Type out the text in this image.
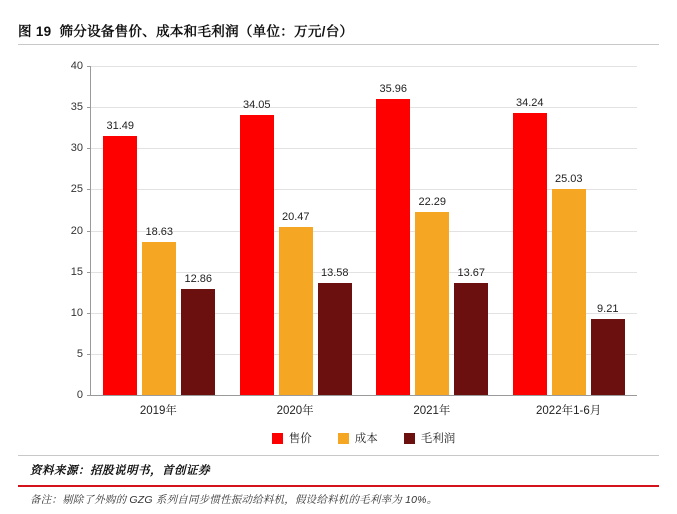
图 19 筛分设备售价、成本和毛利润（单位：万元/台）
40
35
30
25
20
15
10
5
0
31.49
18.63
12.86
34.05
20.47
13.58
35.96
22.29
13.67
34.24
25.03
9.21
2019年	2020年	2021年	2022年1-6月
售价	成本	毛利润
资料来源：招股说明书，首创证券
备注：剔除了外购的 GZG 系列自同步惯性振动给料机，假设给料机的毛利率为 10%。
